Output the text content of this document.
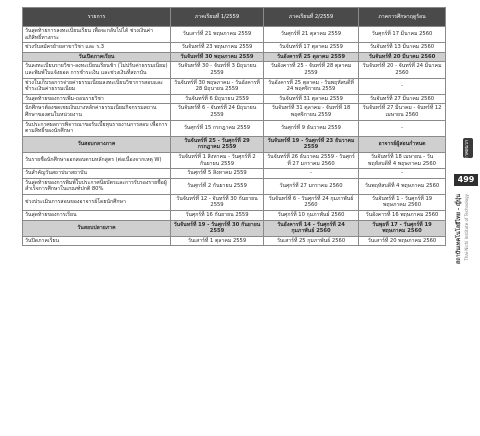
รายการ	ภาคเรียนที่ 1/2559	ภาคเรียนที่ 2/2559	ภาคการศึกษาฤดูร้อน
วันสุดท้ายการลงทะเบียนเรียน เพื่อจะกลับไปได้ ช่วงเงินค่าอภิสิทธิ์ทางกระ	วันเสาร์ที่ 21 พฤษภาคม 2559	วันศุกร์ที่ 21 ตุลาคม 2559	วันศุกร์ที่ 17 มีนาคม 2560
ช่วงรับสมัครย้ายสาขาวิชา และ ร.3	วันจันทร์ที่ 23 พฤษภาคม 2559	วันจันทร์ที่ 17 ตุลาคม 2559	วันจันทร์ที่ 13 มีนาคม 2560
วันเปิดภาคเรียน	วันจันทร์ที่ 30 พฤษภาคม 2559	วันอังคารที่ 25 ตุลาคม 2559	วันจันทร์ที่ 20 มีนาคม 2560
วันลงทะเบียนรายวิชา-ลงทะเบียนเรียนช้า (ไม่ปรับค่าธรรมเนียม) และพิมพ์ใบแจ้งยอด การชำระเงิน และช่วงเงินที่สถาบัน	วันจันทร์ที่ 30 - จันทร์ที่ 3 มิถุนายน 2559	วันอังคารที่ 25 - จันทร์ที่ 28 ตุลาคม 2559	วันจันทร์ที่ 20 - จันทร์ที่ 24 มีนาคม 2560
ช่วงในเก็บรอการจ่ายค่าธรรมเนียมลงทะเบียนวิชาการสอบและชำระเงินค่าธรรมเนียม	วันจันทร์ที่ 30 พฤษภาคม - วันอังคารที่ 28 มิถุนายน 2559	วันอังคารที่ 25 ตุลาคม - วันพฤหัสบดีที่ 24 พฤศจิกายน 2559	-
วันสุดท้ายของการเพิ่ม-ถอนรายวิชา	วันจันทร์ที่ 6 มิถุนายน 2559	วันจันทร์ที่ 31 ตุลาคม 2559	วันจันทร์ที่ 27 มีนาคม 2560
นักศึกษาต้องชดเชยเงินบางหลักค่าธรรมเนียมกิจกรรมสถานศึกษาของตนในหน่วยงาน	วันจันทร์ที่ 6 - จันทร์ที่ 24 มิถุนายน 2559	วันจันทร์ที่ 31 ตุลาคม - จันทร์ที่ 18 พฤศจิกายน 2559	วันจันทร์ที่ 27 มีนาคม - จันทร์ที่ 12 เมษายน 2560
วันประกาศผลการพิจารณาขอรับเบี้ยทุนรายงานการสอบ เพื่อการตามสิทธิ์ของนักศึกษา	วันศุกร์ที่ 15 กรกฎาคม 2559	วันศุกร์ที่ 9 ธันวาคม 2559	-
วันสอบกลางภาค	วันจันทร์ที่ 25 - วันศุกร์ที่ 29 กรกฎาคม 2559	วันจันทร์ที่ 19 - วันศุกร์ที่ 23 ธันวาคม 2559	อาจารย์ผู้สอนกำหนด
วันรายชื่อนักศึกษาออกสอบตามหลักสูตร (ต่อเนื่องจากเหตุ W)	วันจันทร์ที่ 1 สิงหาคม - วันศุกร์ที่ 2 กันยายน 2559	วันจันทร์ที่ 26 ธันวาคม 2559 - วันศุกร์ที่ 27 มกราคม 2560	วันจันทร์ที่ 18 เมษายน - วันพฤหัสบดีที่ 4 พฤษภาคม 2560
วันสำคัญวันสถาปนาสถาบัน	วันศุกร์ที่ 5 สิงหาคม 2559	-	-
วันสุดท้ายของการพิมพ์ใบประกาศนียบัตรและการรับรองรายชื่อผู้สำเร็จการศึกษาในเกณฑ์ปกติ 80%	วันศุกร์ที่ 2 กันยายน 2559	วันศุกร์ที่ 27 มกราคม 2560	วันพฤหัสบดีที่ 4 พฤษภาคม 2560
ช่วงประเมินการสอนของอาจารย์โดยนักศึกษา	วันจันทร์ที่ 12 - จันทร์ที่ 30 กันยายน 2559	วันจันทร์ที่ 6 - วันศุกร์ที่ 24 กุมภาพันธ์ 2560	วันจันทร์ที่ 1 - วันศุกร์ที่ 19 พฤษภาคม 2560
วันสุดท้ายของการเรียน	วันศุกร์ที่ 16 กันยายน 2559	วันศุกร์ที่ 10 กุมภาพันธ์ 2560	วันอังคารที่ 16 พฤษภาคม 2560
วันสอบปลายภาค	วันจันทร์ที่ 19 - วันศุกร์ที่ 30 กันยายน 2559	วันอังคารที่ 14 - วันศุกร์ที่ 24 กุมภาพันธ์ 2560	วันพุธที่ 17 - วันศุกร์ที่ 19 พฤษภาคม 2560
วันปิดภาคเรียน	วันเสาร์ที่ 1 ตุลาคม 2559	วันเสาร์ที่ 25 กุมภาพันธ์ 2560	วันเสาร์ที่ 20 พฤษภาคม 2560
ภาคผนวก
499
สถาบันเทคโนโลยีไทย - ญี่ปุ่น Thai-Nichi Institute of Technology
